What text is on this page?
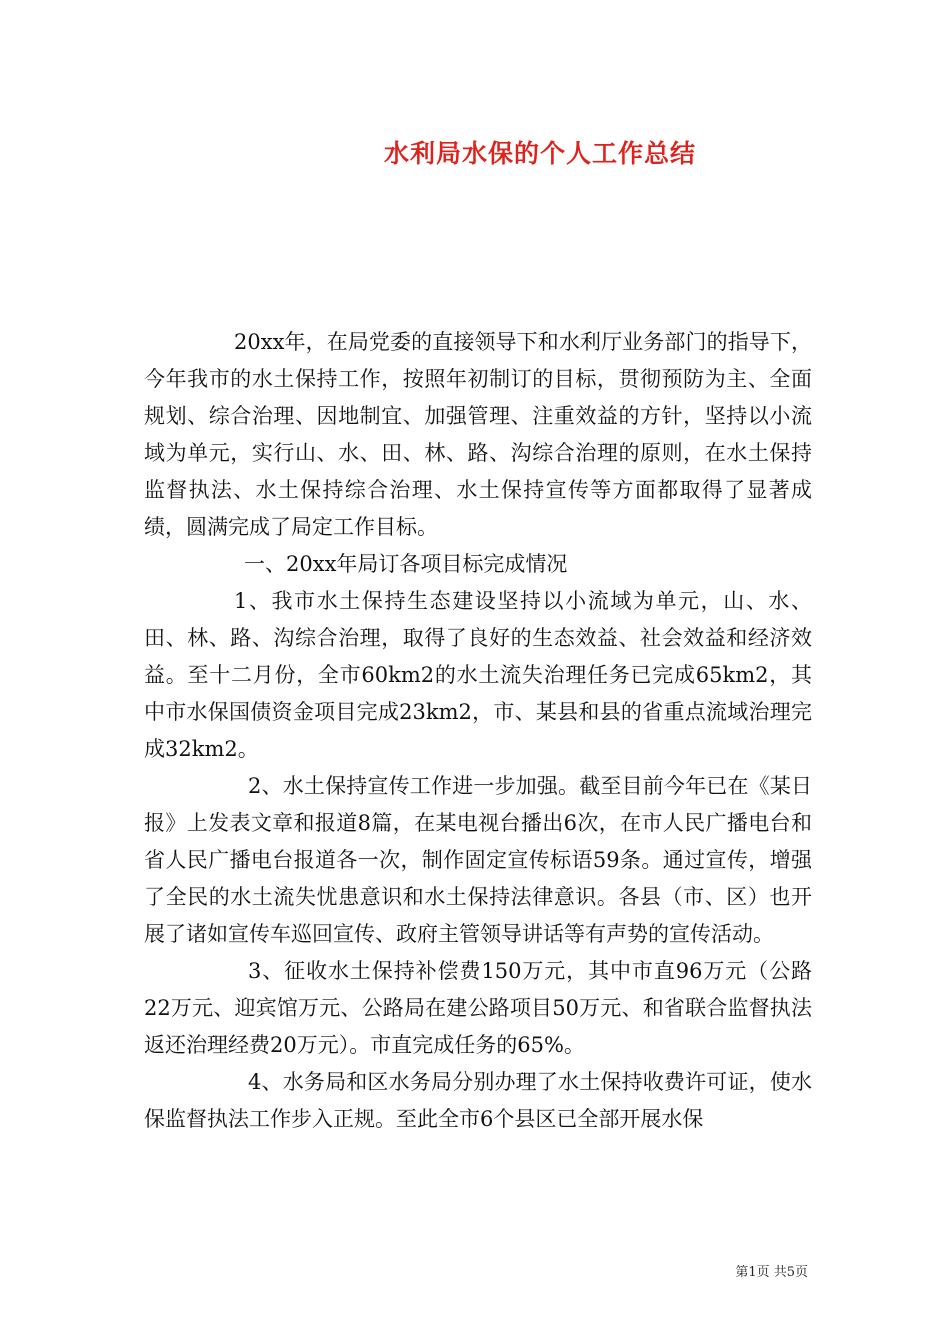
水利局水保的个人工作总结

20xx年，在局党委的直接领导下和水利厅业务部门的指导下，今年我市的水土保持工作，按照年初制订的目标，贯彻预防为主、全面规划、综合治理、因地制宜、加强管理、注重效益的方针，坚持以小流域为单元，实行山、水、田、林、路、沟综合治理的原则，在水土保持监督执法、水土保持综合治理、水土保持宣传等方面都取得了显著成绩，圆满完成了局定工作目标。

一、20xx年局订各项目标完成情况

1、我市水土保持生态建设坚持以小流域为单元，山、水、田、林、路、沟综合治理，取得了良好的生态效益、社会效益和经济效益。至十二月份，全市60km2的水土流失治理任务已完成65km2，其中市水保国债资金项目完成23km2，市、某县和县的省重点流域治理完成32km2。

2、水土保持宣传工作进一步加强。截至目前今年已在《某日报》上发表文章和报道8篇，在某电视台播出6次，在市人民广播电台和省人民广播电台报道各一次，制作固定宣传标语59条。通过宣传，增强了全民的水土流失忧患意识和水土保持法律意识。各县（市、区）也开展了诸如宣传车巡回宣传、政府主管领导讲话等有声势的宣传活动。

3、征收水土保持补偿费150万元，其中市直96万元（公路22万元、迎宾馆万元、公路局在建公路项目50万元、和省联合监督执法返还治理经费20万元）。市直完成任务的65%。

4、水务局和区水务局分别办理了水土保持收费许可证，使水保监督执法工作步入正规。至此全市6个县区已全部开展水保

第1页 共5页
